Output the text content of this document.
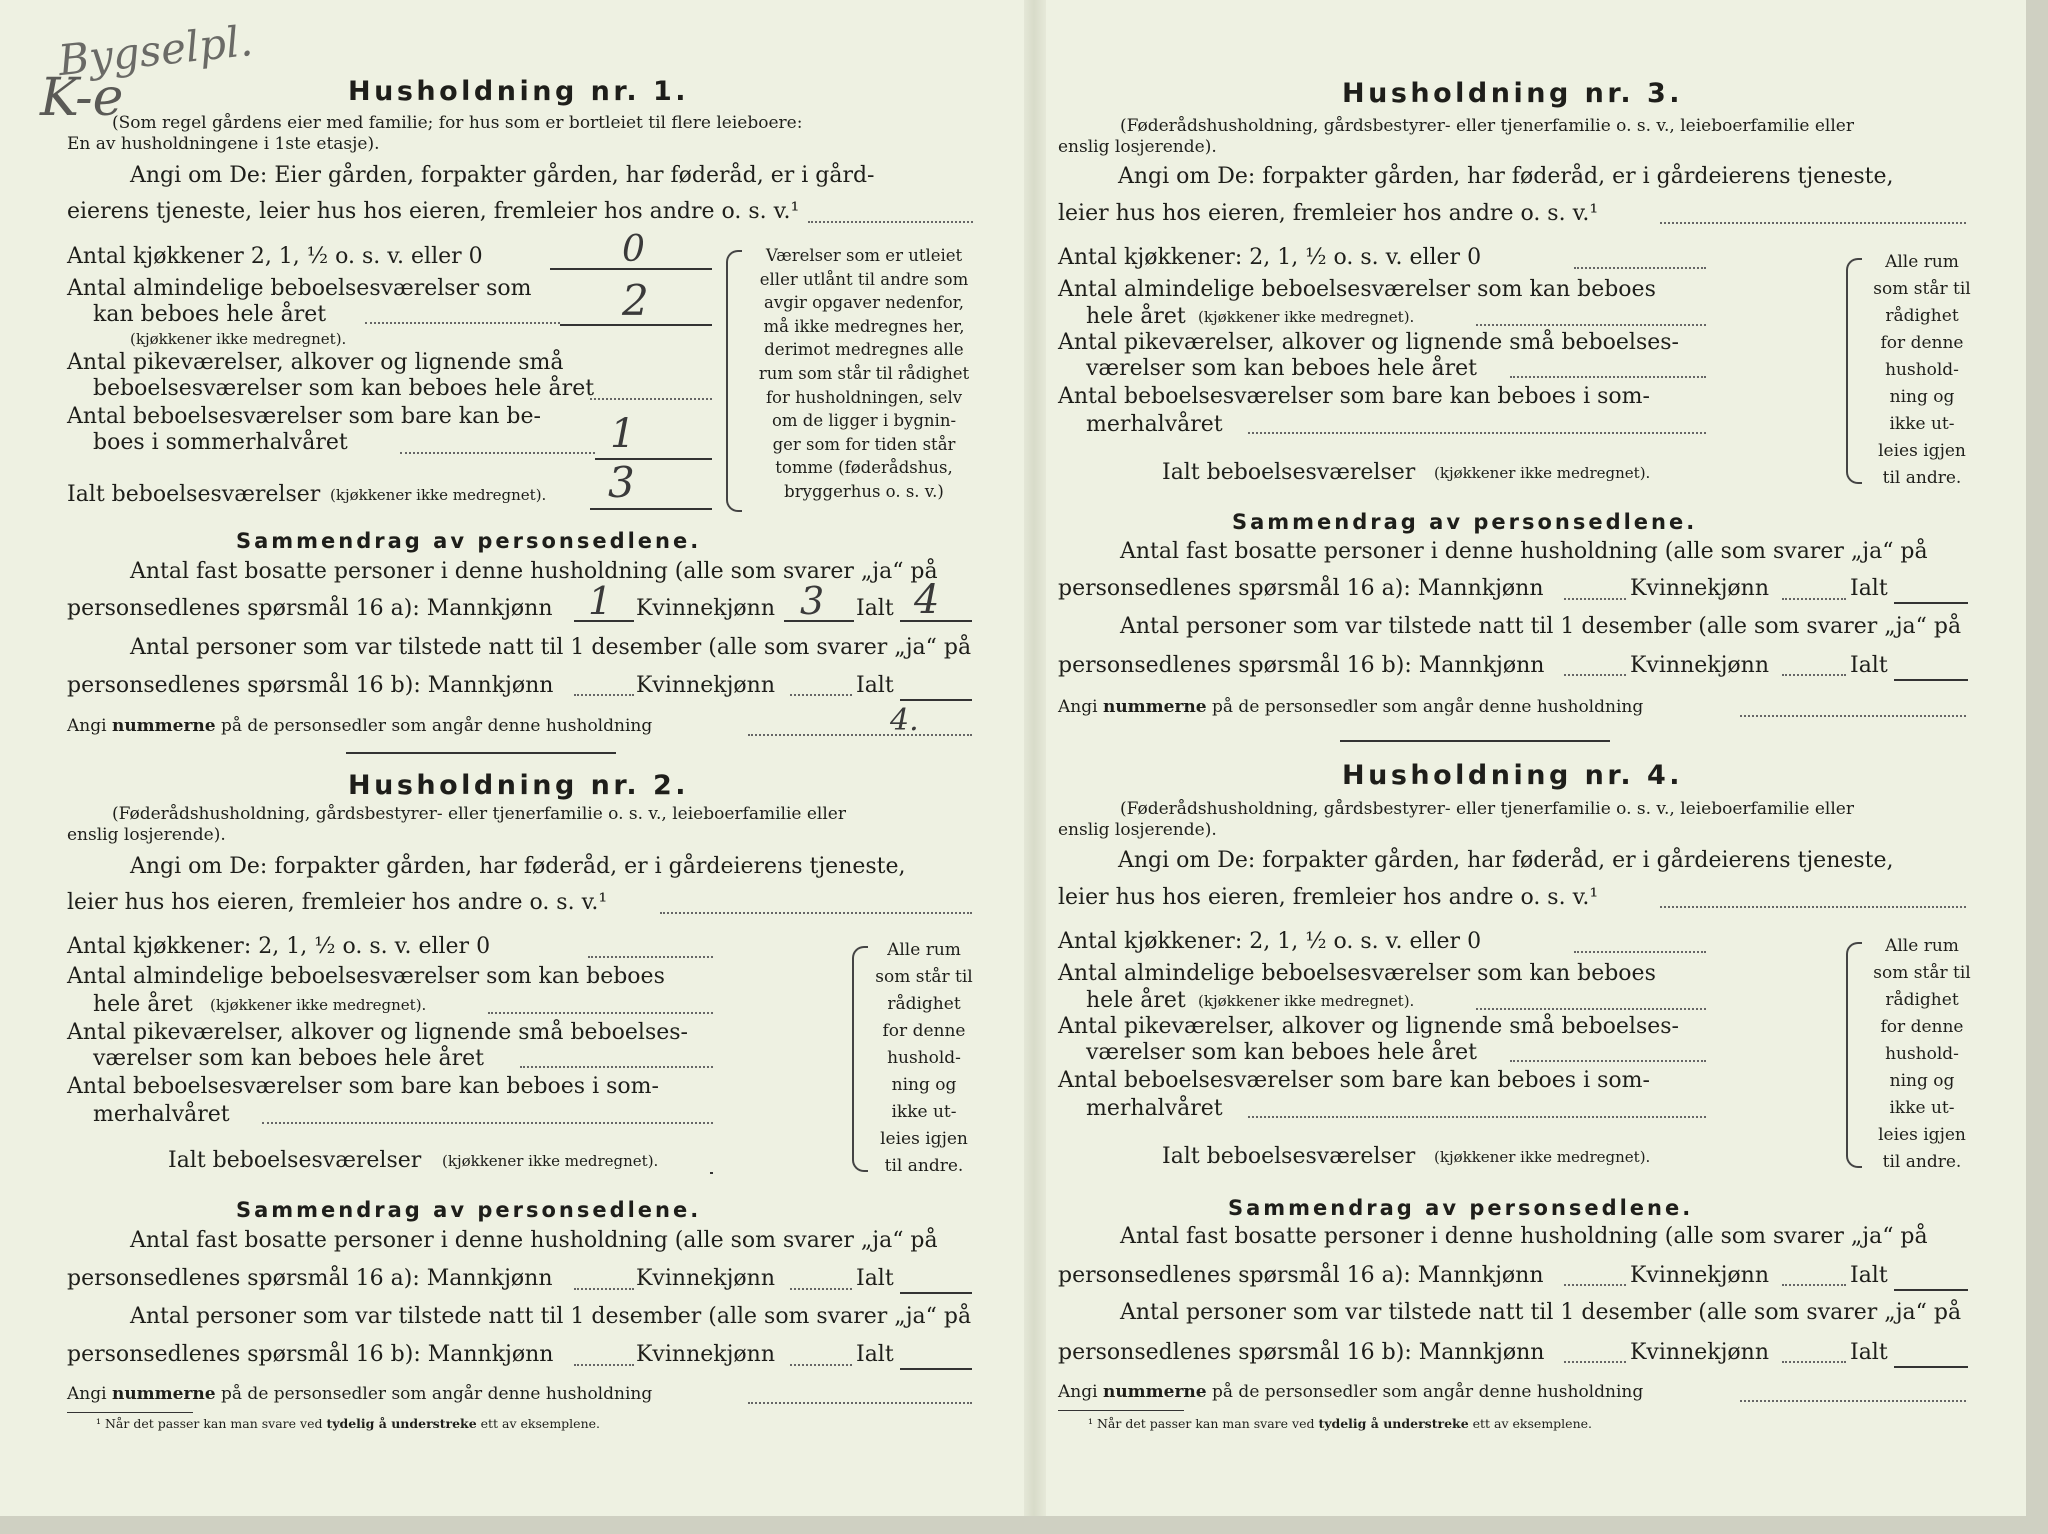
Bygselpl.
K-e	Husholdning nr. 1.
(Som regel gårdens eier med familie; for hus som er bortleiet til flere leieboere:
En av husholdningene i 1ste etasje).
Angi om De: Eier gården, forpakter gården, har føderåd, er i gård-
eierens tjeneste, leier hus hos eieren, fremleier hos andre o. s. v.¹
Antal kjøkkener 2, 1, ½ o. s. v. eller 0	0
Antal almindelige beboelsesværelser som
kan beboes hele året	2
(kjøkkener ikke medregnet).
Antal pikeværelser, alkover og lignende små
beboelsesværelser som kan beboes hele året
Antal beboelsesværelser som bare kan be-
boes i sommerhalvåret	1
Ialt beboelsesværelser (kjøkkener ikke medregnet). 3
Værelser som er utleiet
eller utlånt til andre som
avgir opgaver nedenfor,
må ikke medregnes her,
derimot medregnes alle
rum som står til rådighet
for husholdningen, selv
om de ligger i bygnin-
ger som for tiden står
tomme (føderådshus,
bryggerhus o. s. v.)
Sammendrag av personsedlene.
Antal fast bosatte personer i denne husholdning (alle som svarer „ja“ på
personsedlenes spørsmål 16 a): Mannkjønn 1 Kvinnekjønn 3 Ialt 4
Antal personer som var tilstede natt til 1 desember (alle som svarer „ja“ på
personsedlenes spørsmål 16 b): Mannkjønn	Kvinnekjønn	Ialt
Angi nummerne på de personsedler som angår denne husholdning	4.
Husholdning nr. 2.
(Føderådshusholdning, gårdsbestyrer- eller tjenerfamilie o. s. v., leieboerfamilie eller
enslig losjerende).
Angi om De: forpakter gården, har føderåd, er i gårdeierens tjeneste,
leier hus hos eieren, fremleier hos andre o. s. v.¹
Antal kjøkkener: 2, 1, ½ o. s. v. eller 0
Antal almindelige beboelsesværelser som kan beboes
hele året (kjøkkener ikke medregnet).
Antal pikeværelser, alkover og lignende små beboelses-
værelser som kan beboes hele året
Antal beboelsesværelser som bare kan beboes i som-
merhalvåret
Ialt beboelsesværelser (kjøkkener ikke medregnet).
Alle rum
som står til
rådighet
for denne
hushold-
ning og
ikke ut-
leies igjen
til andre.
Sammendrag av personsedlene.
Antal fast bosatte personer i denne husholdning (alle som svarer „ja“ på
personsedlenes spørsmål 16 a): Mannkjønn	Kvinnekjønn	Ialt
Antal personer som var tilstede natt til 1 desember (alle som svarer „ja“ på
personsedlenes spørsmål 16 b): Mannkjønn	Kvinnekjønn	Ialt
Angi nummerne på de personsedler som angår denne husholdning
¹ Når det passer kan man svare ved tydelig å understreke ett av eksemplene.
Husholdning nr. 3.
(Føderådshusholdning, gårdsbestyrer- eller tjenerfamilie o. s. v., leieboerfamilie eller
enslig losjerende).
Angi om De: forpakter gården, har føderåd, er i gårdeierens tjeneste,
leier hus hos eieren, fremleier hos andre o. s. v.¹
Antal kjøkkener: 2, 1, ½ o. s. v. eller 0
Antal almindelige beboelsesværelser som kan beboes
hele året (kjøkkener ikke medregnet).
Antal pikeværelser, alkover og lignende små beboelses-
værelser som kan beboes hele året
Antal beboelsesværelser som bare kan beboes i som-
merhalvåret
Ialt beboelsesværelser (kjøkkener ikke medregnet).
Alle rum
som står til
rådighet
for denne
hushold-
ning og
ikke ut-
leies igjen
til andre.
Sammendrag av personsedlene.
Antal fast bosatte personer i denne husholdning (alle som svarer „ja“ på
personsedlenes spørsmål 16 a): Mannkjønn	Kvinnekjønn	Ialt
Antal personer som var tilstede natt til 1 desember (alle som svarer „ja“ på
personsedlenes spørsmål 16 b): Mannkjønn	Kvinnekjønn	Ialt
Angi nummerne på de personsedler som angår denne husholdning
Husholdning nr. 4.
(Føderådshusholdning, gårdsbestyrer- eller tjenerfamilie o. s. v., leieboerfamilie eller
enslig losjerende).
Angi om De: forpakter gården, har føderåd, er i gårdeierens tjeneste,
leier hus hos eieren, fremleier hos andre o. s. v.¹
Antal kjøkkener: 2, 1, ½ o. s. v. eller 0
Antal almindelige beboelsesværelser som kan beboes
hele året (kjøkkener ikke medregnet).
Antal pikeværelser, alkover og lignende små beboelses-
værelser som kan beboes hele året
Antal beboelsesværelser som bare kan beboes i som-
merhalvåret
Ialt beboelsesværelser (kjøkkener ikke medregnet).
Alle rum
som står til
rådighet
for denne
hushold-
ning og
ikke ut-
leies igjen
til andre.
Sammendrag av personsedlene.
Antal fast bosatte personer i denne husholdning (alle som svarer „ja“ på
personsedlenes spørsmål 16 a): Mannkjønn	Kvinnekjønn	Ialt
Antal personer som var tilstede natt til 1 desember (alle som svarer „ja“ på
personsedlenes spørsmål 16 b): Mannkjønn	Kvinnekjønn	Ialt
Angi nummerne på de personsedler som angår denne husholdning
¹ Når det passer kan man svare ved tydelig å understreke ett av eksemplene.
